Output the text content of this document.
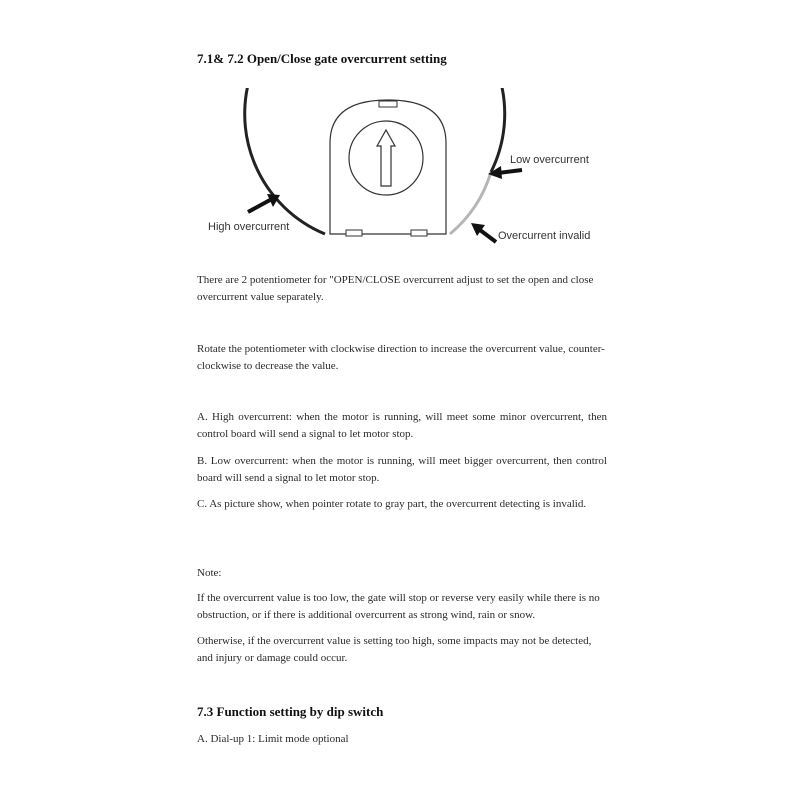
7.1& 7.2 Open/Close gate overcurrent setting
Low overcurrent
High overcurrent
Overcurrent invalid

There are 2 potentiometer for "OPEN/CLOSE overcurrent adjust to set the open and close overcurrent value separately.

Rotate the potentiometer with clockwise direction to increase the overcurrent value, counter-clockwise to decrease the value.

A. High overcurrent: when the motor is running, will meet some minor overcurrent, then control board will send a signal to let motor stop.

B. Low overcurrent: when the motor is running, will meet bigger overcurrent, then control board will send a signal to let motor stop.

C. As picture show, when pointer rotate to gray part, the overcurrent detecting is invalid.

Note:

If the overcurrent value is too low, the gate will stop or reverse very easily while there is no obstruction, or if there is additional overcurrent as strong wind, rain or snow.

Otherwise, if the overcurrent value is setting too high, some impacts may not be detected, and injury or damage could occur.

7.3 Function setting by dip switch

A. Dial-up 1: Limit mode optional
